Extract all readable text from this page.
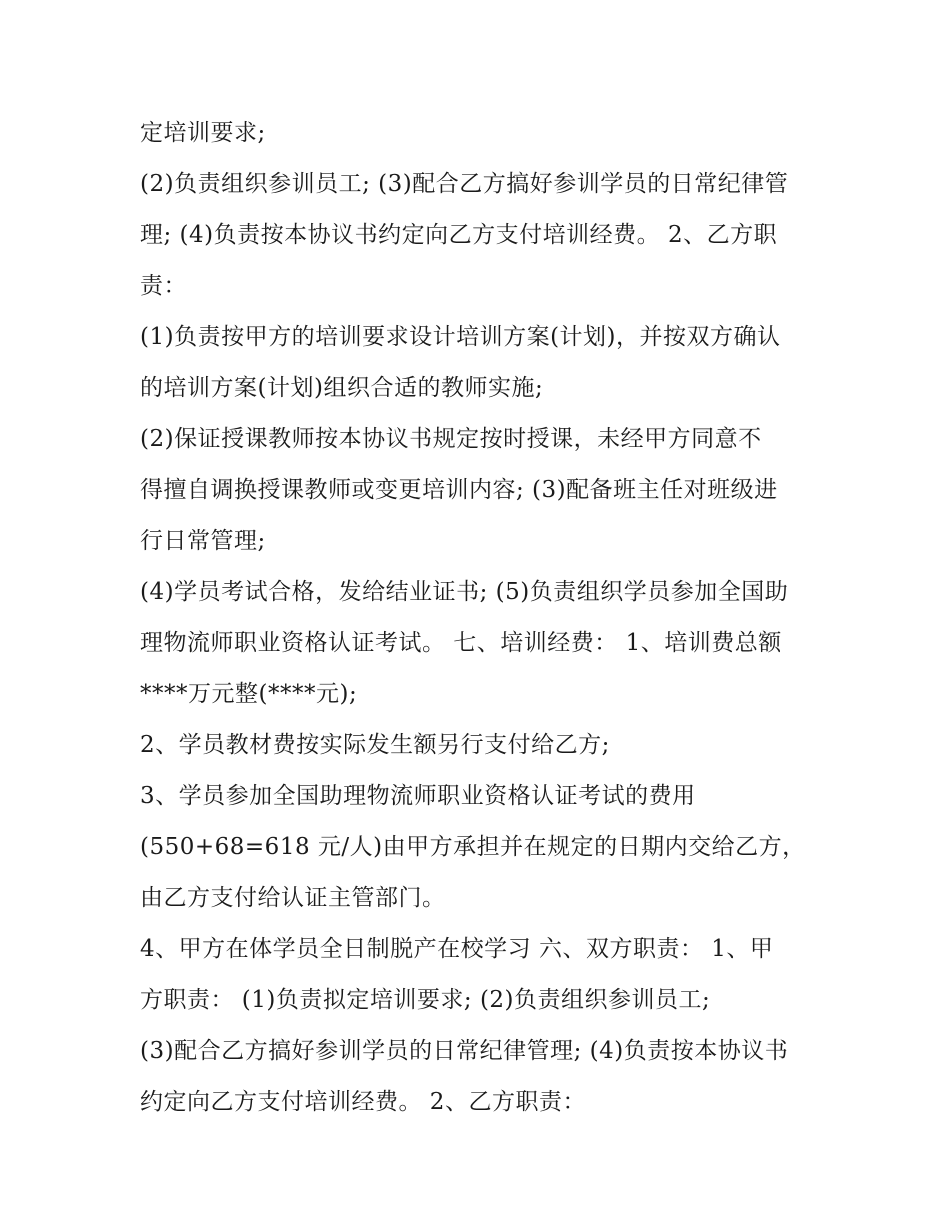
定培训要求;
(2)负责组织参训员工; (3)配合乙方搞好参训学员的日常纪律管
理; (4)负责按本协议书约定向乙方支付培训经费。 2、乙方职
责：
(1)负责按甲方的培训要求设计培训方案(计划)，并按双方确认
的培训方案(计划)组织合适的教师实施;
(2)保证授课教师按本协议书规定按时授课，未经甲方同意不
得擅自调换授课教师或变更培训内容; (3)配备班主任对班级进
行日常管理;
(4)学员考试合格，发给结业证书; (5)负责组织学员参加全国助
理物流师职业资格认证考试。 七、培训经费： 1、培训费总额
****万元整(****元);
2、学员教材费按实际发生额另行支付给乙方;
3、学员参加全国助理物流师职业资格认证考试的费用
(550+68=618 元/人)由甲方承担并在规定的日期内交给乙方，
由乙方支付给认证主管部门。
4、甲方在体学员全日制脱产在校学习 六、双方职责： 1、甲
方职责： (1)负责拟定培训要求; (2)负责组织参训员工;
(3)配合乙方搞好参训学员的日常纪律管理; (4)负责按本协议书
约定向乙方支付培训经费。 2、乙方职责：
